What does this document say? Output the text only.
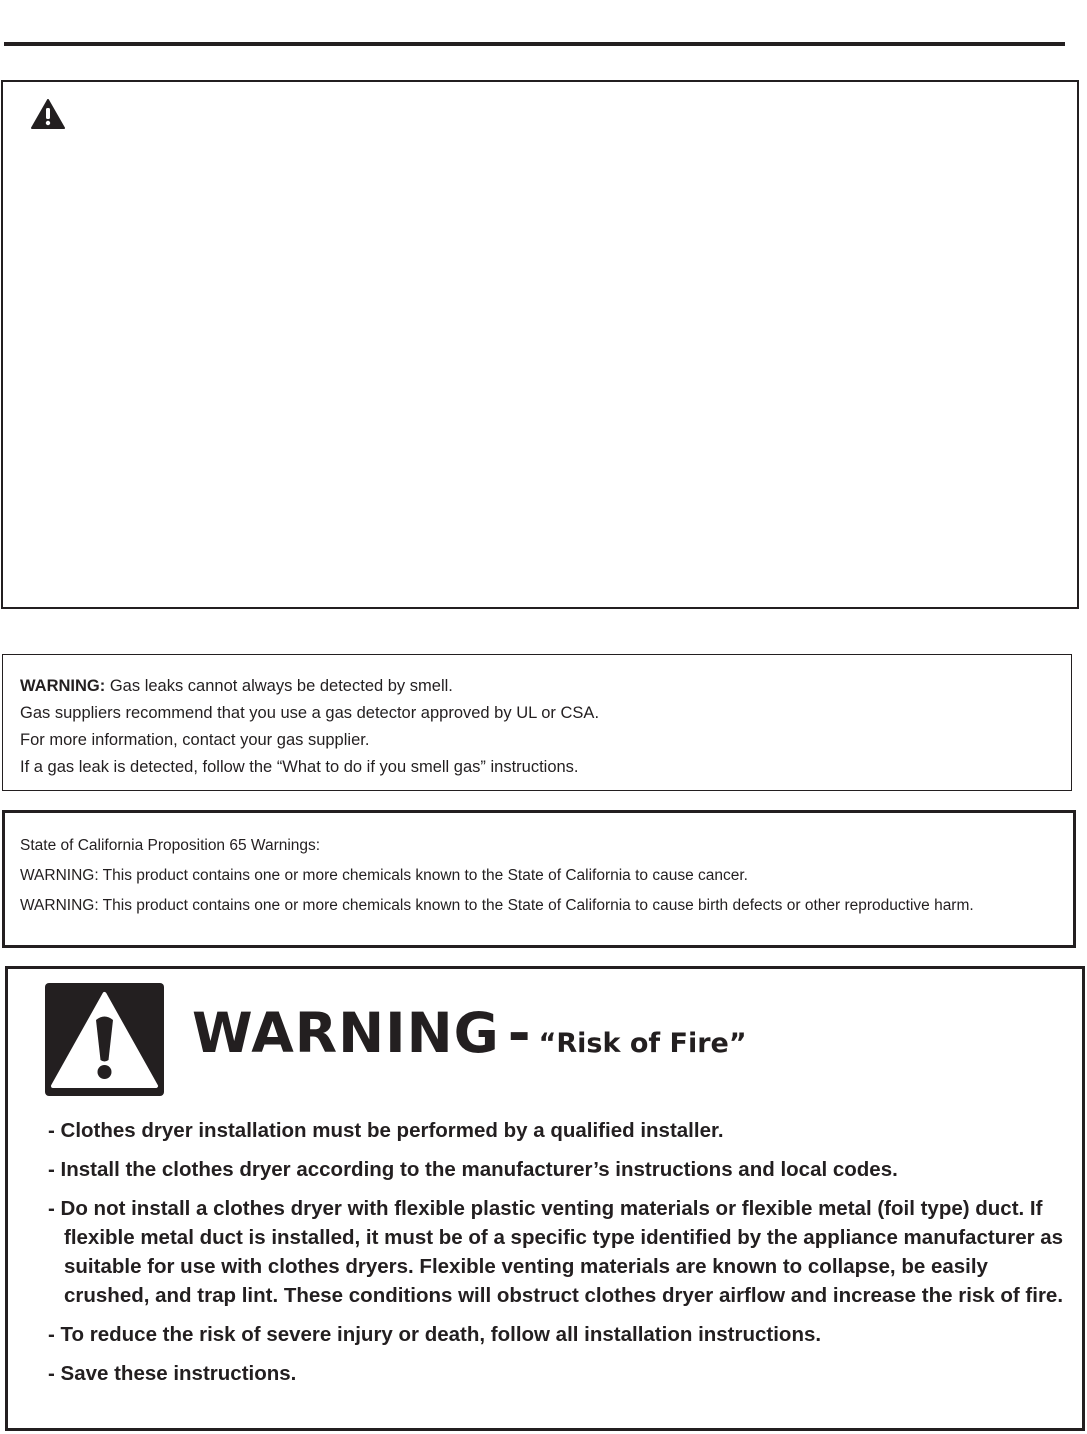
WARNING: Gas leaks cannot always be detected by smell.

Gas suppliers recommend that you use a gas detector approved by UL or CSA.

For more information, contact your gas supplier.

If a gas leak is detected, follow the “What to do if you smell gas” instructions.

State of California Proposition 65 Warnings:

WARNING: This product contains one or more chemicals known to the State of California to cause cancer.

WARNING: This product contains one or more chemicals known to the State of California to cause birth defects or other reproductive harm.

WARNING - “Risk of Fire”

- Clothes dryer installation must be performed by a qualified installer.
- Install the clothes dryer according to the manufacturer’s instructions and local codes.
- Do not install a clothes dryer with flexible plastic venting materials or flexible metal (foil type) duct. If flexible metal duct is installed, it must be of a specific type identified by the appliance manufacturer as suitable for use with clothes dryers. Flexible venting materials are known to collapse, be easily crushed, and trap lint. These conditions will obstruct clothes dryer airflow and increase the risk of fire.
- To reduce the risk of severe injury or death, follow all installation instructions.
- Save these instructions.
